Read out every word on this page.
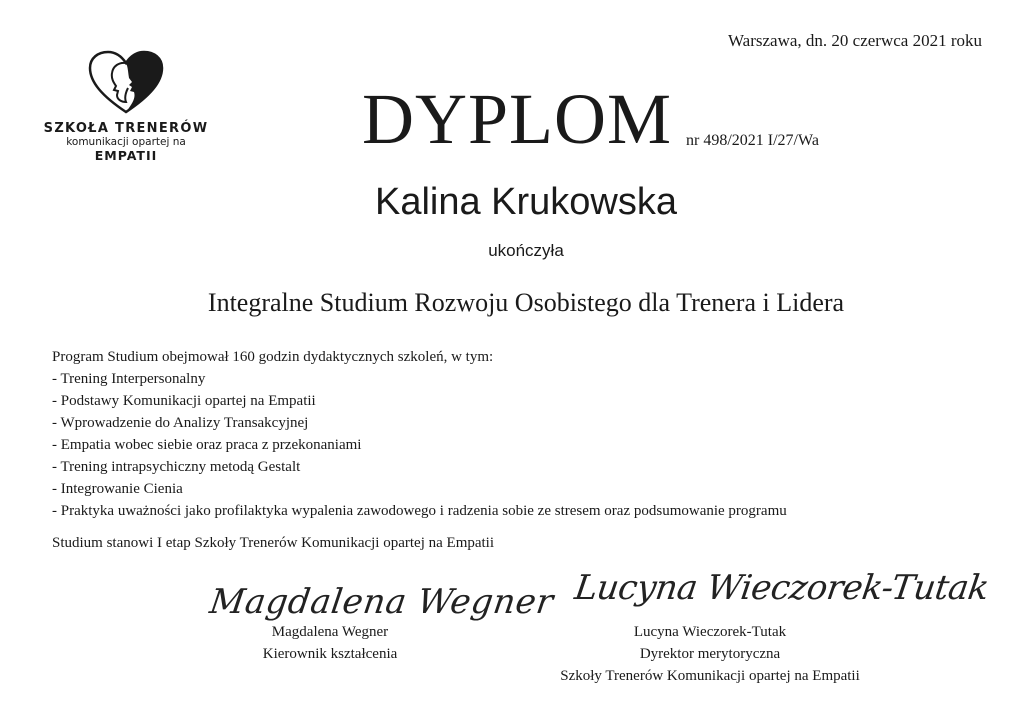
Warszawa, dn. 20 czerwca 2021 roku
SZKOŁA TRENERÓW
komunikacji opartej na
EMPATII	DYPLOM nr 498/2021 I/27/Wa
Kalina Krukowska
ukończyła
Integralne Studium Rozwoju Osobistego dla Trenera i Lidera
Program Studium obejmował 160 godzin dydaktycznych szkoleń, w tym:
- Trening Interpersonalny
- Podstawy Komunikacji opartej na Empatii
- Wprowadzenie do Analizy Transakcyjnej
- Empatia wobec siebie oraz praca z przekonaniami
- Trening intrapsychiczny metodą Gestalt
- Integrowanie Cienia
- Praktyka uważności jako profilaktyka wypalenia zawodowego i radzenia sobie ze stresem oraz podsumowanie programu
Studium stanowi I etap Szkoły Trenerów Komunikacji opartej na Empatii
Magdalena Wegner
Magdalena Wegner
Kierownik kształcenia
Lucyna Wieczorek-Tutak
Lucyna Wieczorek-Tutak
Dyrektor merytoryczna
Szkoły Trenerów Komunikacji opartej na Empatii
